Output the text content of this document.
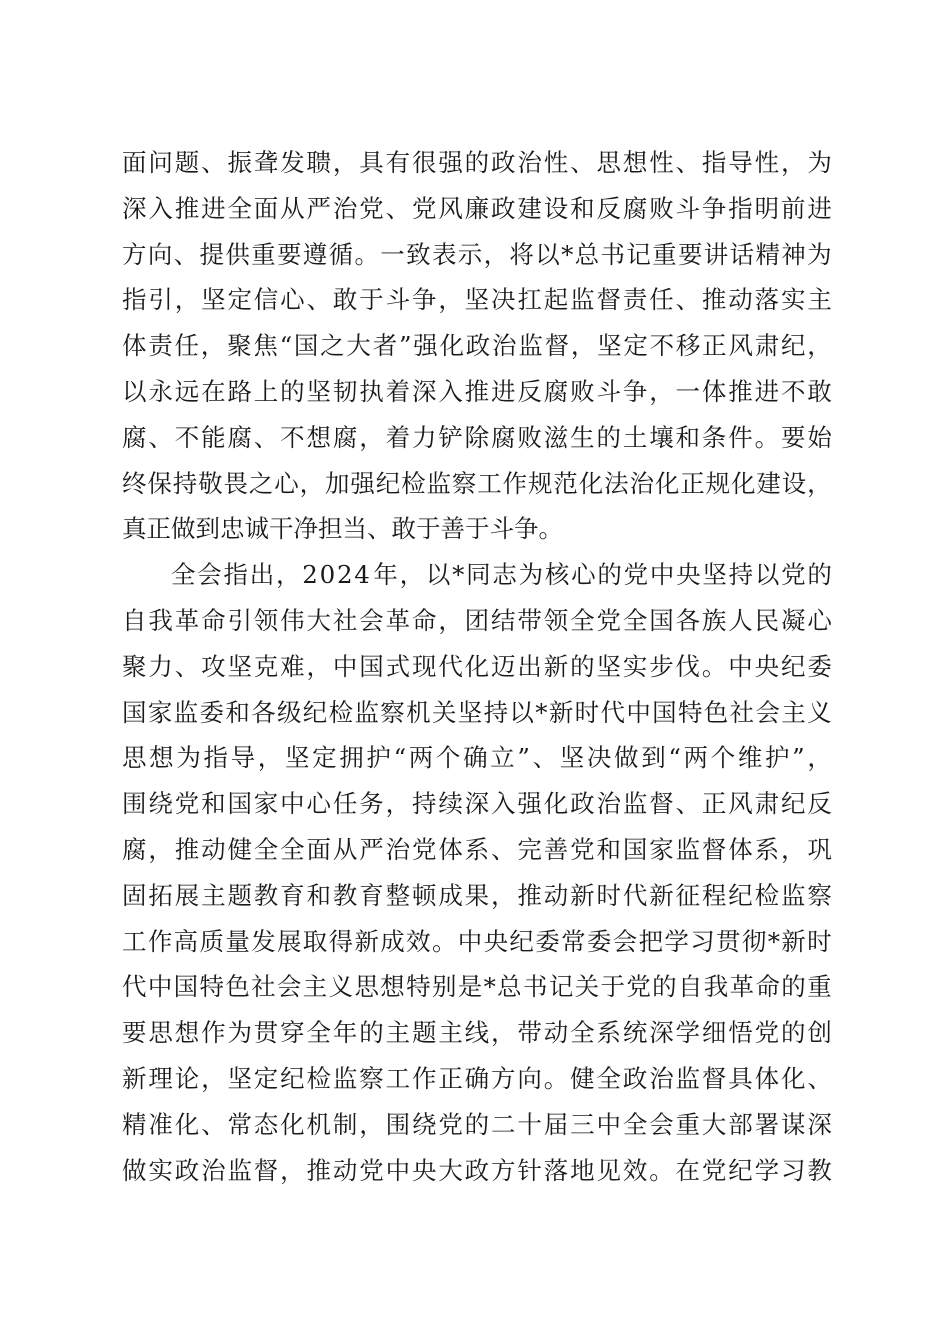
面 问 题 、 振 聋 发 聩 ， 具 有 很 强 的 政 治 性 、 思 想 性 、 指 导 性 ， 为
深 入 推 进 全 面 从 严 治 党 、 党 风 廉 政 建 设 和 反 腐 败 斗 争 指 明 前 进
方 向 、 提 供 重 要 遵 循 。 一 致 表 示 ， 将 以 * 总 书 记 重 要 讲 话 精 神 为
指 引 ， 坚 定 信 心 、 敢 于 斗 争 ， 坚 决 扛 起 监 督 责 任 、 推 动 落 实 主
体 责 任 ， 聚 焦 “ 国 之 大 者 ” 强 化 政 治 监 督 ， 坚 定 不 移 正 风 肃 纪 ，
以 永 远 在 路 上 的 坚 韧 执 着 深 入 推 进 反 腐 败 斗 争 ， 一 体 推 进 不 敢
腐 、 不 能 腐 、 不 想 腐 ， 着 力 铲 除 腐 败 滋 生 的 土 壤 和 条 件 。 要 始
终 保 持 敬 畏 之 心 ， 加 强 纪 检 监 察 工 作 规 范 化 法 治 化 正 规 化 建 设 ，
真 正 做 到 忠 诚 干 净 担 当 、 敢 于 善 于 斗 争 。
全 会 指 出 ， 2 0 2 4 年 ， 以 * 同 志 为 核 心 的 党 中 央 坚 持 以 党 的
自 我 革 命 引 领 伟 大 社 会 革 命 ， 团 结 带 领 全 党 全 国 各 族 人 民 凝 心
聚 力 、 攻 坚 克 难 ， 中 国 式 现 代 化 迈 出 新 的 坚 实 步 伐 。 中 央 纪 委
国 家 监 委 和 各 级 纪 检 监 察 机 关 坚 持 以 * 新 时 代 中 国 特 色 社 会 主 义
思 想 为 指 导 ， 坚 定 拥 护 “ 两 个 确 立 ” 、 坚 决 做 到 “ 两 个 维 护 ” ，
围 绕 党 和 国 家 中 心 任 务 ， 持 续 深 入 强 化 政 治 监 督 、 正 风 肃 纪 反
腐 ， 推 动 健 全 全 面 从 严 治 党 体 系 、 完 善 党 和 国 家 监 督 体 系 ， 巩
固 拓 展 主 题 教 育 和 教 育 整 顿 成 果 ， 推 动 新 时 代 新 征 程 纪 检 监 察
工 作 高 质 量 发 展 取 得 新 成 效 。 中 央 纪 委 常 委 会 把 学 习 贯 彻 * 新 时
代 中 国 特 色 社 会 主 义 思 想 特 别 是 * 总 书 记 关 于 党 的 自 我 革 命 的 重
要 思 想 作 为 贯 穿 全 年 的 主 题 主 线 ， 带 动 全 系 统 深 学 细 悟 党 的 创
新 理 论 ， 坚 定 纪 检 监 察 工 作 正 确 方 向 。 健 全 政 治 监 督 具 体 化 、
精 准 化 、 常 态 化 机 制 ， 围 绕 党 的 二 十 届 三 中 全 会 重 大 部 署 谋 深
做 实 政 治 监 督 ， 推 动 党 中 央 大 政 方 针 落 地 见 效 。 在 党 纪 学 习 教
